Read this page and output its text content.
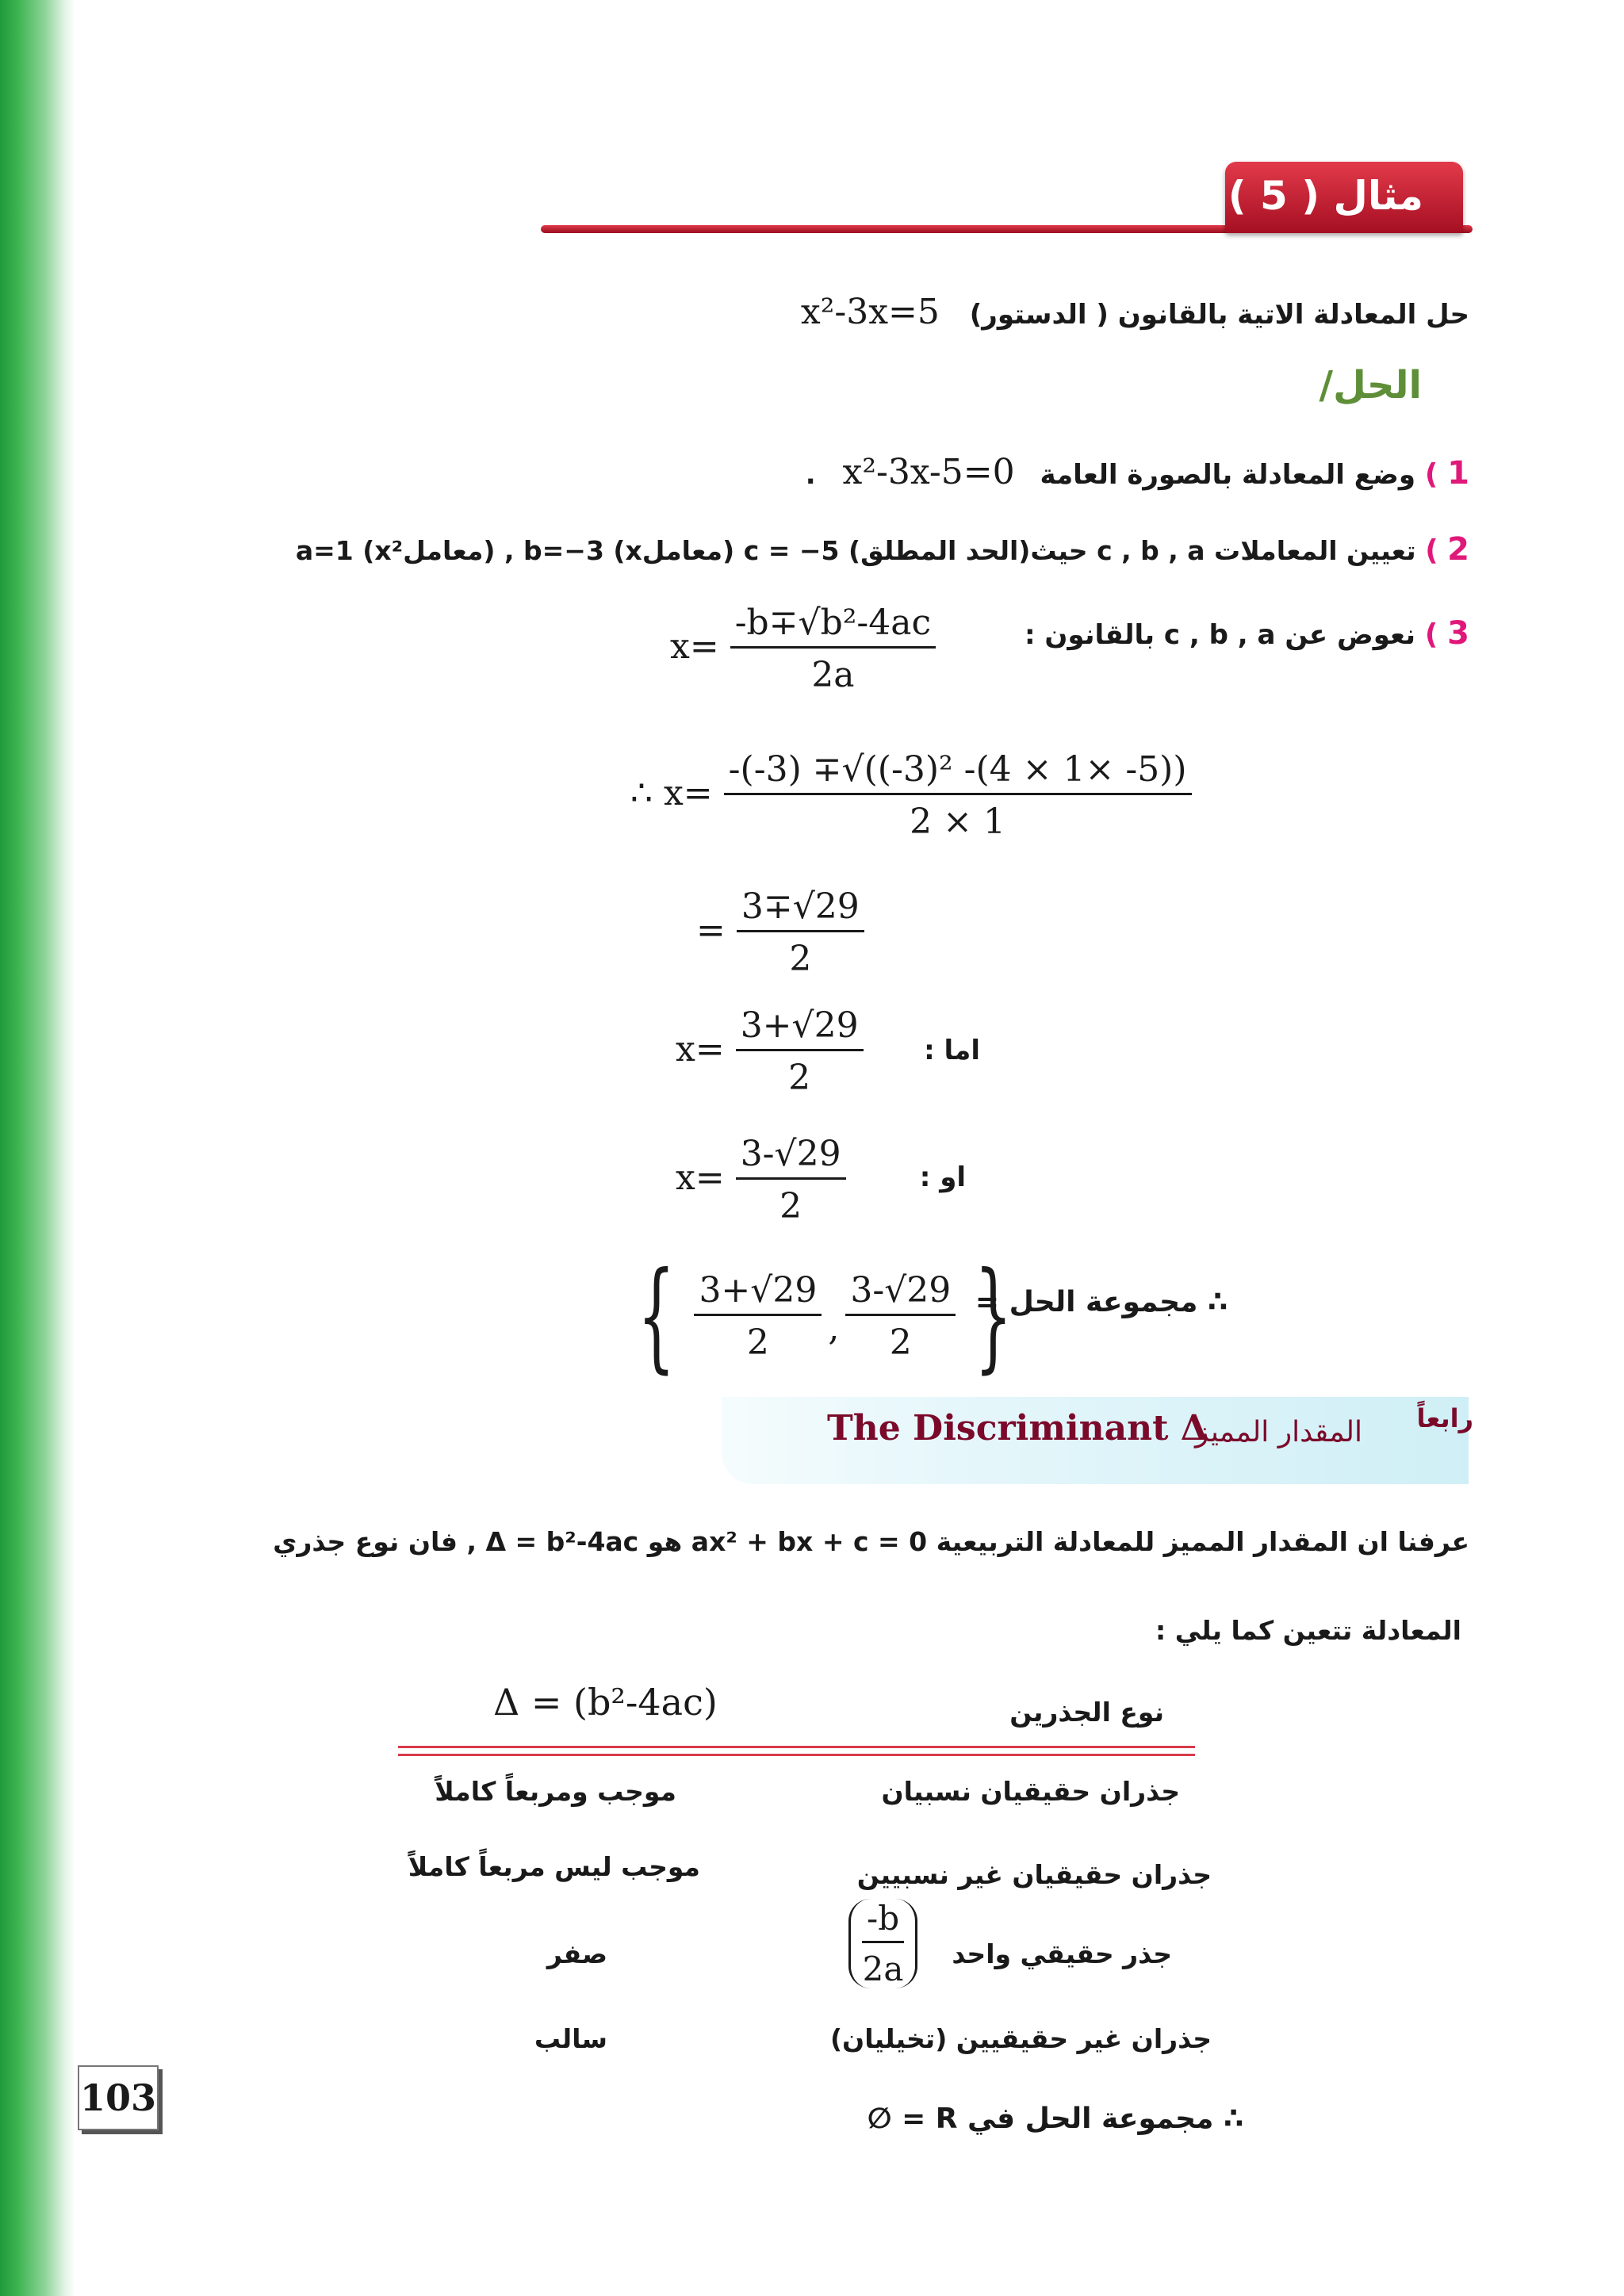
مثال ( 5 )
حل المعادلة الاتية بالقانون ( الدستور) x²-3x=5
الحل/
1 ) وضع المعادلة بالصورة العامة x²-3x-5=0 .
2 ) تعيين المعاملات c , b , a حيث(الحد المطلق) c = −5 (معاملx) b=−3 , (معاملx²) a=1
3 ) نعوض عن c , b , a بالقانون :
$x= \frac{\text{-b∓√b²-4ac}}{2a}$
∴ $x= \frac{\text{-(-3) ∓√((-3)² -(4 × 1× -5))}}{2 \times 1}$
= $\frac{3\mp√29}{2}$
$x= \frac{3+√29}{2}$ اما :
$x= \frac{3-√29}{2}$	او :
{ $\frac{3+√29}{2}$ , $\frac{3-√29}{2}$ }
∴ مجموعة الحل =
رابعاً
المقدار المميز
The Discriminant Δ
عرفنا ان المقدار المميز للمعادلة التربيعية ax² + bx + c = 0 هو Δ = b²-4ac , فان نوع جذري
المعادلة تتعين كما يلي :
Δ = (b²-4ac)	نوع الجذرين
جذران حقيقيان نسبيان
موجب ومربعاً كاملاً
جذران حقيقيان غير نسبيين
موجب ليس مربعاً كاملاً
جذر حقيقي واحد
$\frac{-b}{2a}$
صفر
جذران غير حقيقيين (تخيليان)
سالب
∴ مجموعة الحل في R = ∅
103
